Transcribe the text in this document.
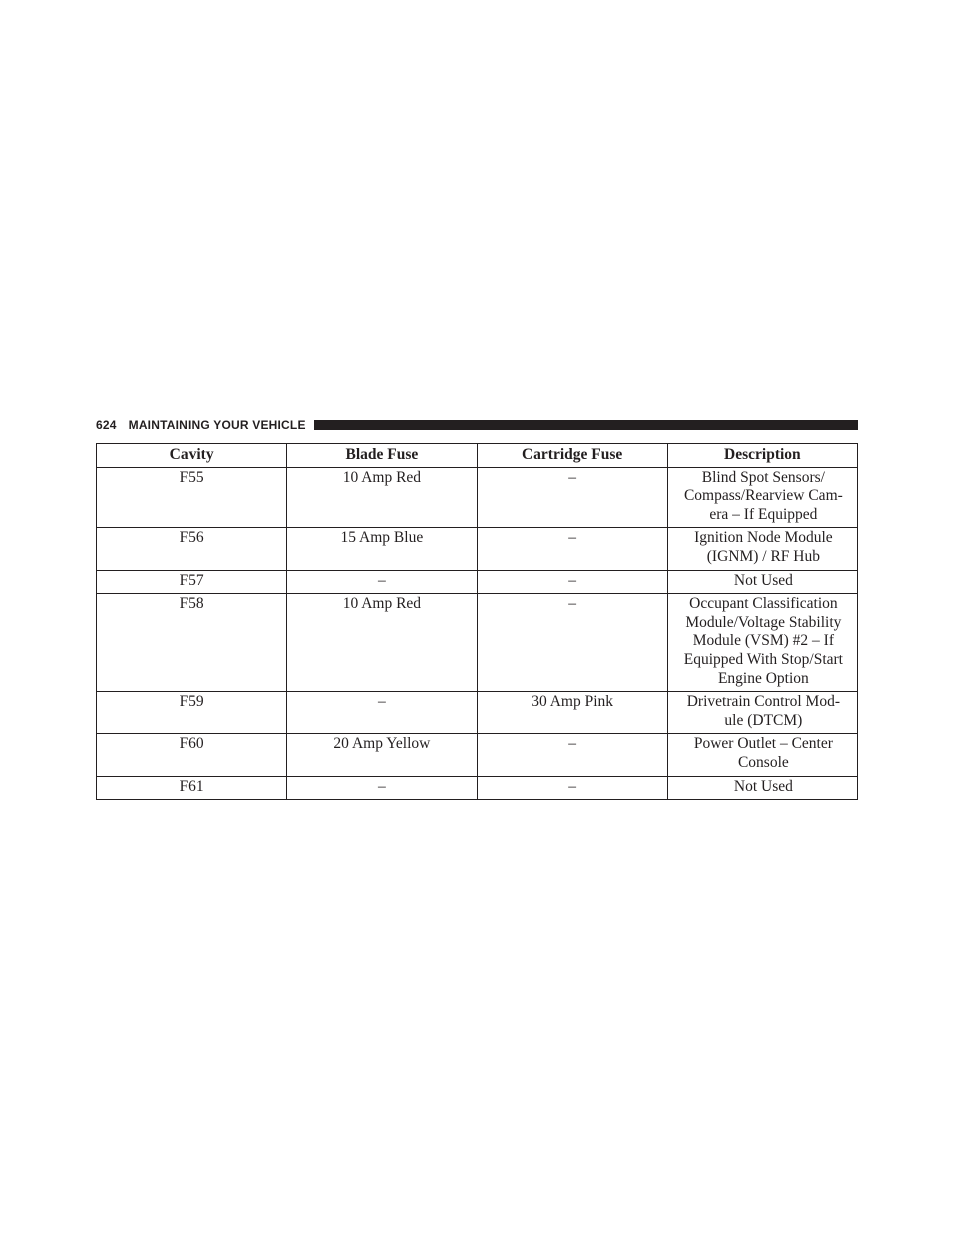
624 MAINTAINING YOUR VEHICLE
Cavity	Blade Fuse	Cartridge Fuse	Description
F55	10 Amp Red	–	Blind Spot Sensors/
Compass/Rearview Cam-
era – If Equipped

F56	15 Amp Blue	–	Ignition Node Module
(IGNM) / RF Hub

F57	–	–	Not Used

F58	10 Amp Red	–	Occupant Classification
Module/Voltage Stability
Module (VSM) #2 – If
Equipped With Stop/Start
Engine Option

F59	–	30 Amp Pink	Drivetrain Control Mod-
ule (DTCM)

F60	20 Amp Yellow	–	Power Outlet – Center
Console

F61	–	–	Not Used
